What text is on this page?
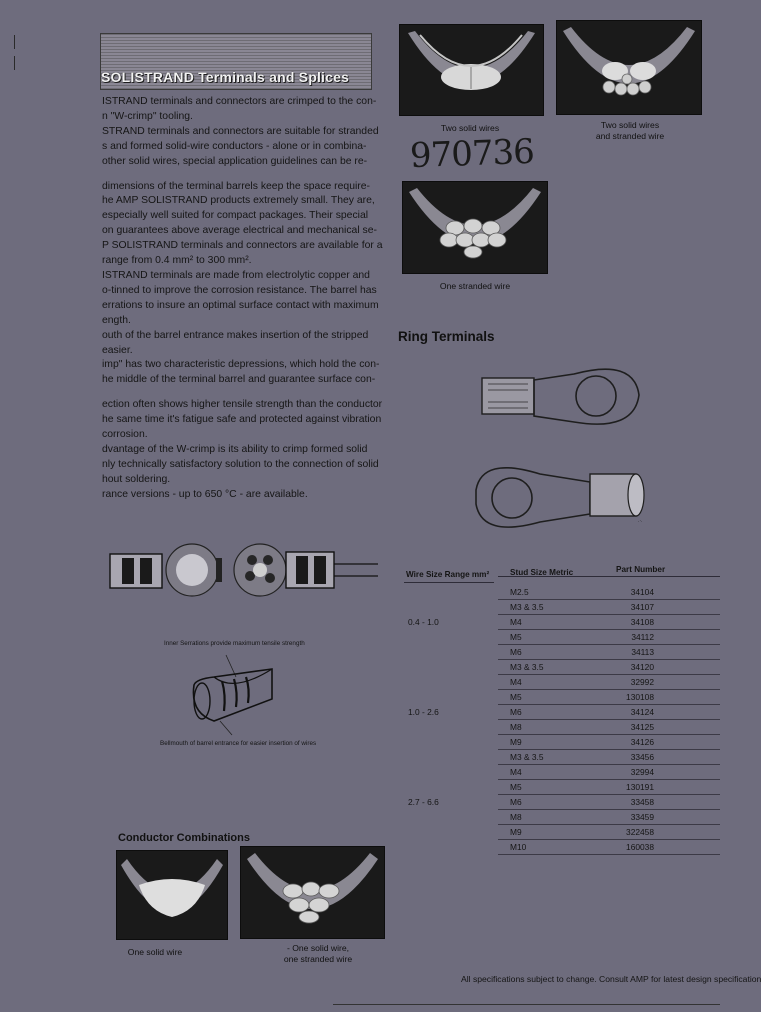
SOLISTRAND Terminals and Splices

ISTRAND terminals and connectors are crimped to the con-

n "W-crimp" tooling.

STRAND terminals and connectors are suitable for stranded

s and formed solid-wire conductors - alone or in combina-

other solid wires, special application guidelines can be re-

dimensions of the terminal barrels keep the space require-

he AMP SOLISTRAND products extremely small. They are,

especially well suited for compact packages. Their special

on guarantees above average electrical and mechanical se-

P SOLISTRAND terminals and connectors are available for a

range from 0.4 mm² to 300 mm².

ISTRAND terminals are made from electrolytic copper and

o-tinned to improve the corrosion resistance. The barrel has

errations to insure an optimal surface contact with maximum

ength.

outh of the barrel entrance makes insertion of the stripped

easier.

imp" has two characteristic depressions, which hold the con-

he middle of the terminal barrel and guarantee surface con-

ection often shows higher tensile strength than the conductor

he same time it's fatigue safe and protected against vibration

corrosion.

dvantage of the W-crimp is its ability to crimp formed solid

nly technically satisfactory solution to the connection of solid

hout soldering.

rance versions - up to 650 °C - are available.

Two solid wires	Two solid wires
and stranded wire
970736
One stranded wire
Ring Terminals
.·.
Wire Size Range mm²	Stud Size Metric	Part Number
M2.5	34104
M3 & 3.5	34107
0.4 - 1.0	M4	34108
M5	34112
M6	34113
M3 & 3.5	34120
M4	32992
M5	130108
1.0 - 2.6	M6	34124
M8	34125
M9	34126
M3 & 3.5	33456
M4	32994
M5	130191
2.7 - 6.6	M6	33458
M8	33459
M9	322458
M10	160038
Inner Serrations provide maximum tensile strength
Bellmouth of barrel entrance for easier insertion of wires
Conductor Combinations
One solid wire	- One solid wire,
one stranded wire
All specifications subject to change. Consult AMP for latest design specification
